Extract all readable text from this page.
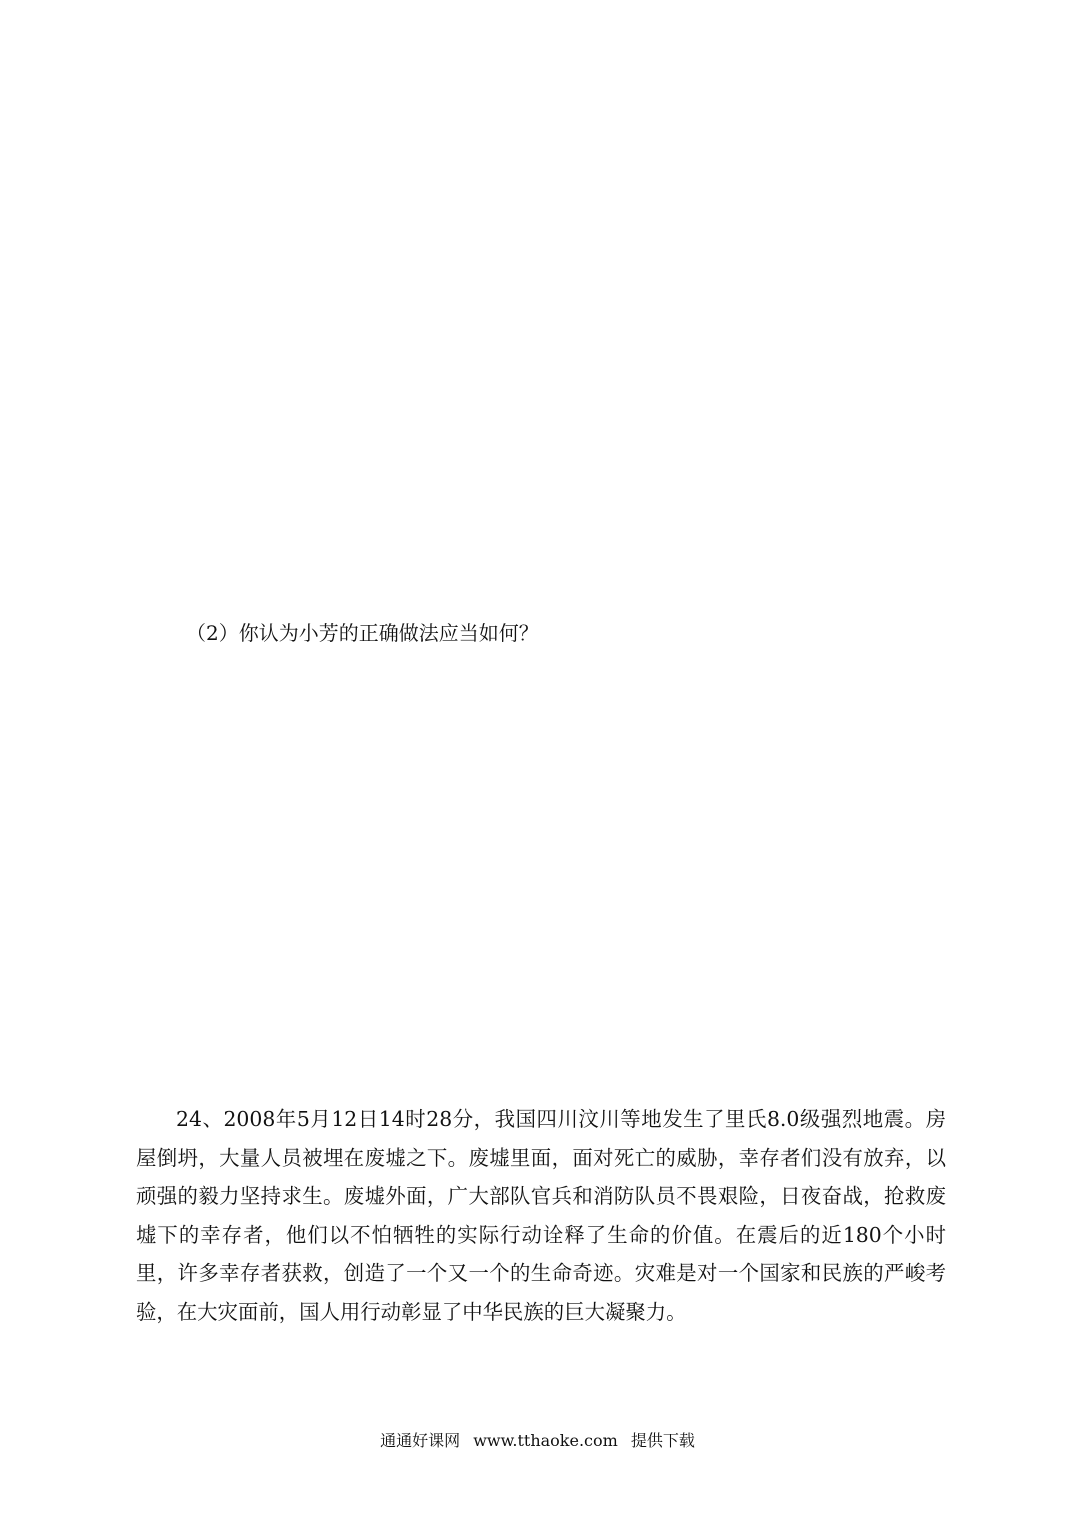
（2）你认为小芳的正确做法应当如何？

24、2008年5月12日14时28分，我国四川汶川等地发生了里氏8.0级强烈地震。房屋倒坍，大量人员被埋在废墟之下。废墟里面，面对死亡的威胁，幸存者们没有放弃，以顽强的毅力坚持求生。废墟外面，广大部队官兵和消防队员不畏艰险，日夜奋战，抢救废墟下的幸存者，他们以不怕牺牲的实际行动诠释了生命的价值。在震后的近180个小时里，许多幸存者获救，创造了一个又一个的生命奇迹。灾难是对一个国家和民族的严峻考验，在大灾面前，国人用行动彰显了中华民族的巨大凝聚力。

通通好课网 www.tthaoke.com 提供下载
